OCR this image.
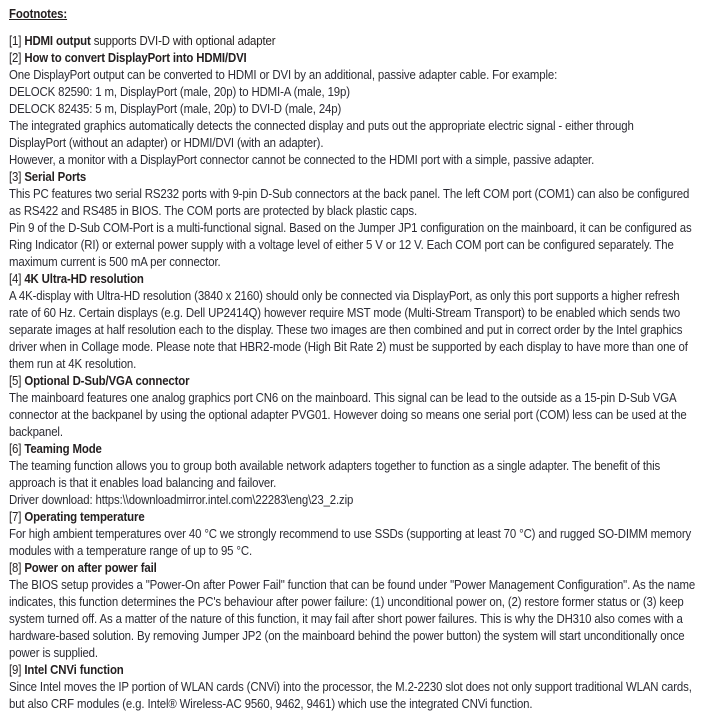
Footnotes:
[1] HDMI output supports DVI-D with optional adapter
[2] How to convert DisplayPort into HDMI/DVI
One DisplayPort output can be converted to HDMI or DVI by an additional, passive adapter cable. For example:
DELOCK 82590: 1 m, DisplayPort (male, 20p) to HDMI-A (male, 19p)
DELOCK 82435: 5 m, DisplayPort (male, 20p) to DVI-D (male, 24p)
The integrated graphics automatically detects the connected display and puts out the appropriate electric signal - either through
DisplayPort (without an adapter) or HDMI/DVI (with an adapter).
However, a monitor with a DisplayPort connector cannot be connected to the HDMI port with a simple, passive adapter.
[3] Serial Ports
This PC features two serial RS232 ports with 9-pin D-Sub connectors at the back panel. The left COM port (COM1) can also be configured
as RS422 and RS485 in BIOS. The COM ports are protected by black plastic caps.
Pin 9 of the D-Sub COM-Port is a multi-functional signal. Based on the Jumper JP1 configuration on the mainboard, it can be configured as
Ring Indicator (RI) or external power supply with a voltage level of either 5 V or 12 V. Each COM port can be configured separately. The
maximum current is 500 mA per connector.
[4] 4K Ultra-HD resolution
A 4K-display with Ultra-HD resolution (3840 x 2160) should only be connected via DisplayPort, as only this port supports a higher refresh
rate of 60 Hz. Certain displays (e.g. Dell UP2414Q) however require MST mode (Multi-Stream Transport) to be enabled which sends two
separate images at half resolution each to the display. These two images are then combined and put in correct order by the Intel graphics
driver when in Collage mode. Please note that HBR2-mode (High Bit Rate 2) must be supported by each display to have more than one of
them run at 4K resolution.
[5] Optional D-Sub/VGA connector
The mainboard features one analog graphics port CN6 on the mainboard. This signal can be lead to the outside as a 15-pin D-Sub VGA
connector at the backpanel by using the optional adapter PVG01. However doing so means one serial port (COM) less can be used at the
backpanel.
[6] Teaming Mode
The teaming function allows you to group both available network adapters together to function as a single adapter. The benefit of this
approach is that it enables load balancing and failover.
Driver download: https:\\downloadmirror.intel.com\22283\eng\23_2.zip
[7] Operating temperature
For high ambient temperatures over 40 °C we strongly recommend to use SSDs (supporting at least 70 °C) and rugged SO-DIMM memory
modules with a temperature range of up to 95 °C.
[8] Power on after power fail
The BIOS setup provides a "Power-On after Power Fail" function that can be found under "Power Management Configuration". As the name
indicates, this function determines the PC's behaviour after power failure: (1) unconditional power on, (2) restore former status or (3) keep
system turned off. As a matter of the nature of this function, it may fail after short power failures. This is why the DH310 also comes with a
hardware-based solution. By removing Jumper JP2 (on the mainboard behind the power button) the system will start unconditionally once
power is supplied.
[9] Intel CNVi function
Since Intel moves the IP portion of WLAN cards (CNVi) into the processor, the M.2-2230 slot does not only support traditional WLAN cards,
but also CRF modules (e.g. Intel® Wireless-AC 9560, 9462, 9461) which use the integrated CNVi function.
